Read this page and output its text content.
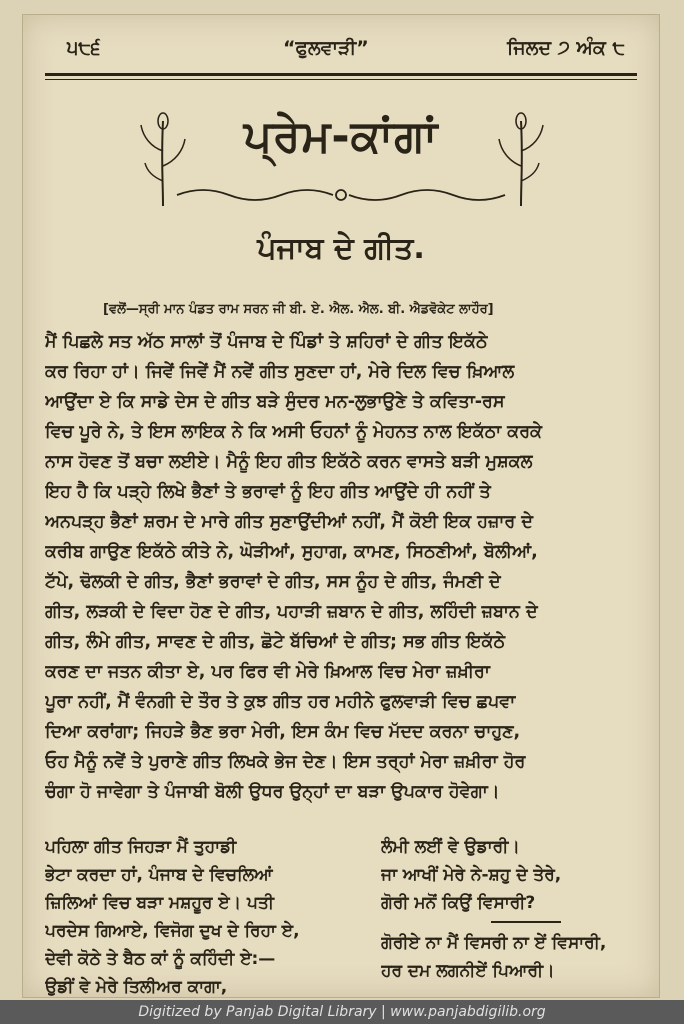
੫੮੬	“ਫੁਲਵਾੜੀ”	ਜਿਲਦ ੭ ਅੰਕ ੮
ਪ੍ਰੇਮ-ਕਾਂਗਾਂ
ਪੰਜਾਬ ਦੇ ਗੀਤ.
[ਵਲੋਂ—ਸ੍ਰੀ ਮਾਨ ਪੰਡਤ ਰਾਮ ਸਰਨ ਜੀ ਬੀ. ਏ. ਐਲ. ਐਲ. ਬੀ. ਐਡਵੋਕੇਟ ਲਾਹੌਰ]
ਮੈਂ ਪਿਛਲੇ ਸਤ ਅੱਠ ਸਾਲਾਂ ਤੋਂ ਪੰਜਾਬ ਦੇ ਪਿੰਡਾਂ ਤੇ ਸ਼ਹਿਰਾਂ ਦੇ ਗੀਤ ਇਕੱਠੇ
ਕਰ ਰਿਹਾ ਹਾਂ। ਜਿਵੇਂ ਜਿਵੇਂ ਮੈਂ ਨਵੇਂ ਗੀਤ ਸੁਣਦਾ ਹਾਂ, ਮੇਰੇ ਦਿਲ ਵਿਚ ਖ਼ਿਆਲ
ਆਉਂਦਾ ਏ ਕਿ ਸਾਡੇ ਦੇਸ ਦੇ ਗੀਤ ਬੜੇ ਸੁੰਦਰ ਮਨ-ਲੁਭਾਉਣੇ ਤੇ ਕਵਿਤਾ-ਰਸ
ਵਿਚ ਪੂਰੇ ਨੇ, ਤੇ ਇਸ ਲਾਇਕ ਨੇ ਕਿ ਅਸੀ ਓਹਨਾਂ ਨੂੰ ਮੇਹਨਤ ਨਾਲ ਇਕੱਠਾ ਕਰਕੇ
ਨਾਸ ਹੋਵਣ ਤੋਂ ਬਚਾ ਲਈਏ। ਮੈਨੂੰ ਇਹ ਗੀਤ ਇਕੱਠੇ ਕਰਨ ਵਾਸਤੇ ਬੜੀ ਮੁਸ਼ਕਲ
ਇਹ ਹੈ ਕਿ ਪੜ੍ਹੇ ਲਿਖੇ ਭੈਣਾਂ ਤੇ ਭਰਾਵਾਂ ਨੂੰ ਇਹ ਗੀਤ ਆਉਂਦੇ ਹੀ ਨਹੀਂ ਤੇ
ਅਨਪੜ੍ਹ ਭੈਣਾਂ ਸ਼ਰਮ ਦੇ ਮਾਰੇ ਗੀਤ ਸੁਣਾਉਂਦੀਆਂ ਨਹੀਂ, ਮੈਂ ਕੋਈ ਇਕ ਹਜ਼ਾਰ ਦੇ
ਕਰੀਬ ਗਾਉਣ ਇਕੱਠੇ ਕੀਤੇ ਨੇ, ਘੋੜੀਆਂ, ਸੁਹਾਗ, ਕਾਮਣ, ਸਿਠਣੀਆਂ, ਬੋਲੀਆਂ,
ਟੱਪੇ, ਢੋਲਕੀ ਦੇ ਗੀਤ, ਭੈਣਾਂ ਭਰਾਵਾਂ ਦੇ ਗੀਤ, ਸਸ ਨੂੰਹ ਦੇ ਗੀਤ, ਜੰਮਣੀ ਦੇ
ਗੀਤ, ਲੜਕੀ ਦੇ ਵਿਦਾ ਹੋਣ ਦੇ ਗੀਤ, ਪਹਾੜੀ ਜ਼ਬਾਨ ਦੇ ਗੀਤ, ਲਹਿੰਦੀ ਜ਼ਬਾਨ ਦੇ
ਗੀਤ, ਲੰਮੇ ਗੀਤ, ਸਾਵਣ ਦੇ ਗੀਤ, ਛੋਟੇ ਬੱਚਿਆਂ ਦੇ ਗੀਤ; ਸਭ ਗੀਤ ਇਕੱਠੇ
ਕਰਣ ਦਾ ਜਤਨ ਕੀਤਾ ਏ, ਪਰ ਫਿਰ ਵੀ ਮੇਰੇ ਖ਼ਿਆਲ ਵਿਚ ਮੇਰਾ ਜ਼ਖ਼ੀਰਾ
ਪੂਰਾ ਨਹੀਂ, ਮੈਂ ਵੰਨਗੀ ਦੇ ਤੌਰ ਤੇ ਕੁਝ ਗੀਤ ਹਰ ਮਹੀਨੇ ਫੁਲਵਾੜੀ ਵਿਚ ਛਪਵਾ
ਦਿਆ ਕਰਾਂਗਾ; ਜਿਹੜੇ ਭੈਣ ਭਰਾ ਮੇਰੀ, ਇਸ ਕੰਮ ਵਿਚ ਮੱਦਦ ਕਰਨਾ ਚਾਹੁਣ,
ਓਹ ਮੈਨੂੰ ਨਵੇਂ ਤੇ ਪੁਰਾਣੇ ਗੀਤ ਲਿਖਕੇ ਭੇਜ ਦੇਣ। ਇਸ ਤਰ੍ਹਾਂ ਮੇਰਾ ਜ਼ਖ਼ੀਰਾ ਹੋਰ
ਚੰਗਾ ਹੋ ਜਾਵੇਗਾ ਤੇ ਪੰਜਾਬੀ ਬੋਲੀ ਉਧਰ ਉਨ੍ਹਾਂ ਦਾ ਬੜਾ ਉਪਕਾਰ ਹੋਵੇਗਾ।
ਪਹਿਲਾ ਗੀਤ ਜਿਹੜਾ ਮੈਂ ਤੁਹਾਡੀ
ਭੇਟਾ ਕਰਦਾ ਹਾਂ, ਪੰਜਾਬ ਦੇ ਵਿਚਲਿਆਂ
ਜ਼ਿਲਿਆਂ ਵਿਚ ਬੜਾ ਮਸ਼ਹੂਰ ਏ। ਪਤੀ
ਪਰਦੇਸ ਗਿਆਏ, ਵਿਜੋਗ ਦੁਖ ਦੇ ਰਿਹਾ ਏ,
ਦੇਵੀ ਕੋਠੇ ਤੇ ਬੈਠ ਕਾਂ ਨੂੰ ਕਹਿੰਦੀ ਏ:—
ਉਡੀਂ ਵੇ ਮੇਰੇ ਤਿਲੀਅਰ ਕਾਗਾ,
ਲੰਮੀ ਲਈਂ ਵੇ ਉਡਾਰੀ।
ਜਾ ਆਖੀਂ ਮੇਰੇ ਨੇ-ਸ਼ਹੁ ਦੇ ਤੇਰੇ,
ਗੋਰੀ ਮਨੋਂ ਕਿਉਂ ਵਿਸਾਰੀ?
ਗੋਰੀਏ ਨਾ ਮੈਂ ਵਿਸਰੀ ਨਾ ਏਂ ਵਿਸਾਰੀ,
ਹਰ ਦਮ ਲਗਨੀਏਂ ਪਿਆਰੀ।
Digitized by Panjab Digital Library | www.panjabdigilib.org
